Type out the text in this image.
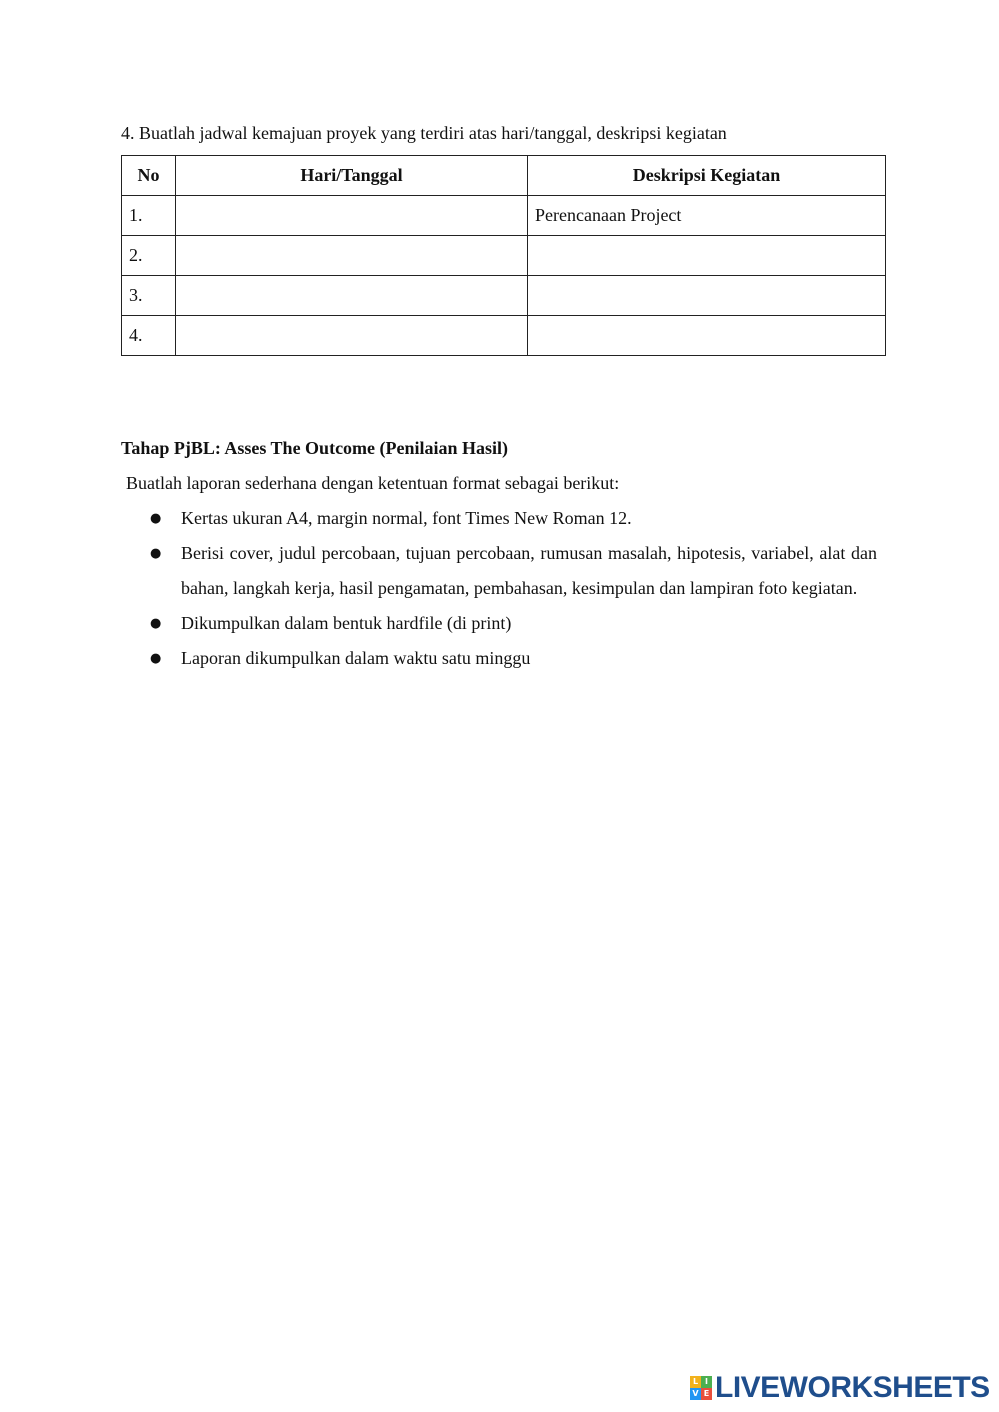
4. Buatlah jadwal kemajuan proyek yang terdiri atas hari/tanggal, deskripsi kegiatan
No	Hari/Tanggal	Deskripsi Kegiatan
1.		Perencanaan Project
2.		
3.		
4.		
Tahap PjBL: Asses The Outcome (Penilaian Hasil)
Buatlah laporan sederhana dengan ketentuan format sebagai berikut:
● Kertas ukuran A4, margin normal, font Times New Roman 12.
● Berisi cover, judul percobaan, tujuan percobaan, rumusan masalah, hipotesis, variabel, alat dan bahan, langkah kerja, hasil pengamatan, pembahasan, kesimpulan dan lampiran foto kegiatan.
● Dikumpulkan dalam bentuk hardfile (di print)
● Laporan dikumpulkan dalam waktu satu minggu
L I
V E LIVEWORKSHEETS
